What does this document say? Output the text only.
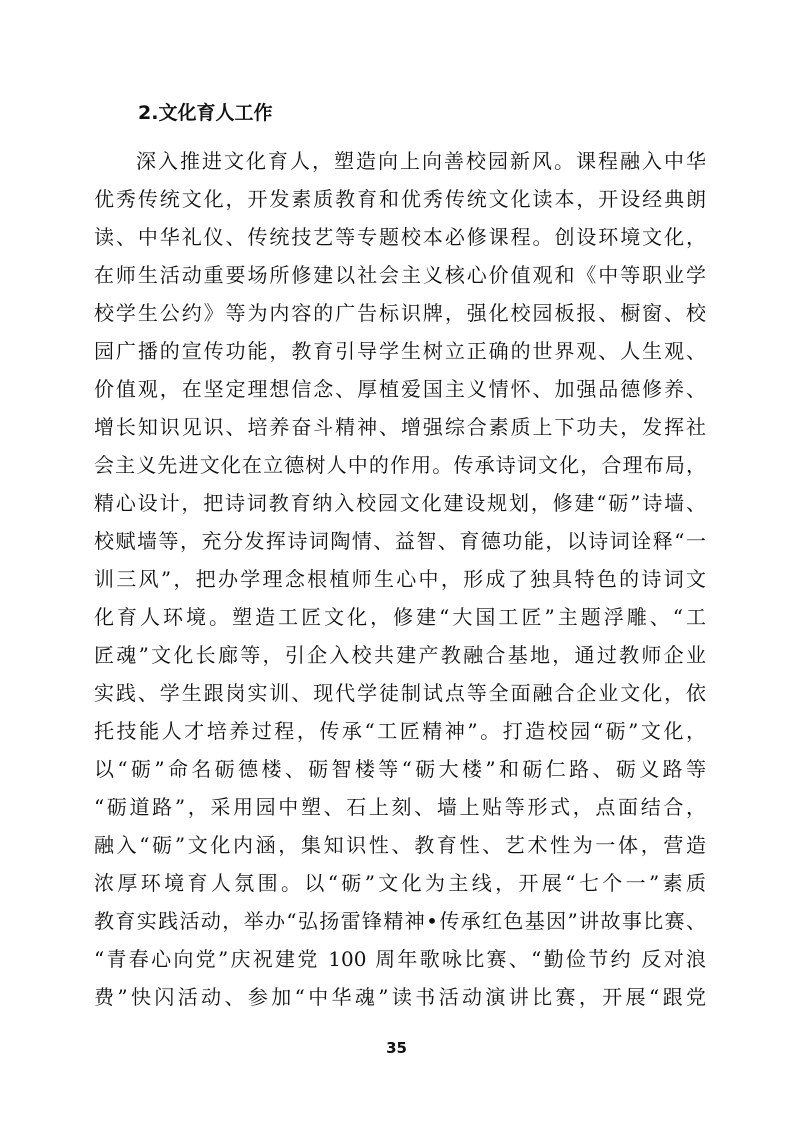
2.文化育人工作
深入推进文化育人，塑造向上向善校园新风。课程融入中华
优秀传统文化，开发素质教育和优秀传统文化读本，开设经典朗
读、中华礼仪、传统技艺等专题校本必修课程。创设环境文化，
在师生活动重要场所修建以社会主义核心价值观和《中等职业学
校学生公约》等为内容的广告标识牌，强化校园板报、橱窗、校
园广播的宣传功能，教育引导学生树立正确的世界观、人生观、
价值观，在坚定理想信念、厚植爱国主义情怀、加强品德修养、
增长知识见识、培养奋斗精神、增强综合素质上下功夫，发挥社
会主义先进文化在立德树人中的作用。传承诗词文化，合理布局，
精心设计，把诗词教育纳入校园文化建设规划，修建“砺”诗墙、
校赋墙等，充分发挥诗词陶情、益智、育德功能，以诗词诠释“一
训三风”，把办学理念根植师生心中，形成了独具特色的诗词文
化育人环境。塑造工匠文化，修建“大国工匠”主题浮雕、“工
匠魂”文化长廊等，引企入校共建产教融合基地，通过教师企业
实践、学生跟岗实训、现代学徒制试点等全面融合企业文化，依
托技能人才培养过程，传承“工匠精神”。打造校园“砺”文化，
以“砺”命名砺德楼、砺智楼等“砺大楼”和砺仁路、砺义路等
“砺道路”，采用园中塑、石上刻、墙上贴等形式，点面结合，
融入“砺”文化内涵，集知识性、教育性、艺术性为一体，营造
浓厚环境育人氛围。以“砺”文化为主线，开展“七个一”素质
教育实践活动，举办“弘扬雷锋精神•传承红色基因”讲故事比赛、
“青春心向党”庆祝建党 100 周年歌咏比赛、“勤俭节约 反对浪
费”快闪活动、参加“中华魂”读书活动演讲比赛，开展“跟党
35
